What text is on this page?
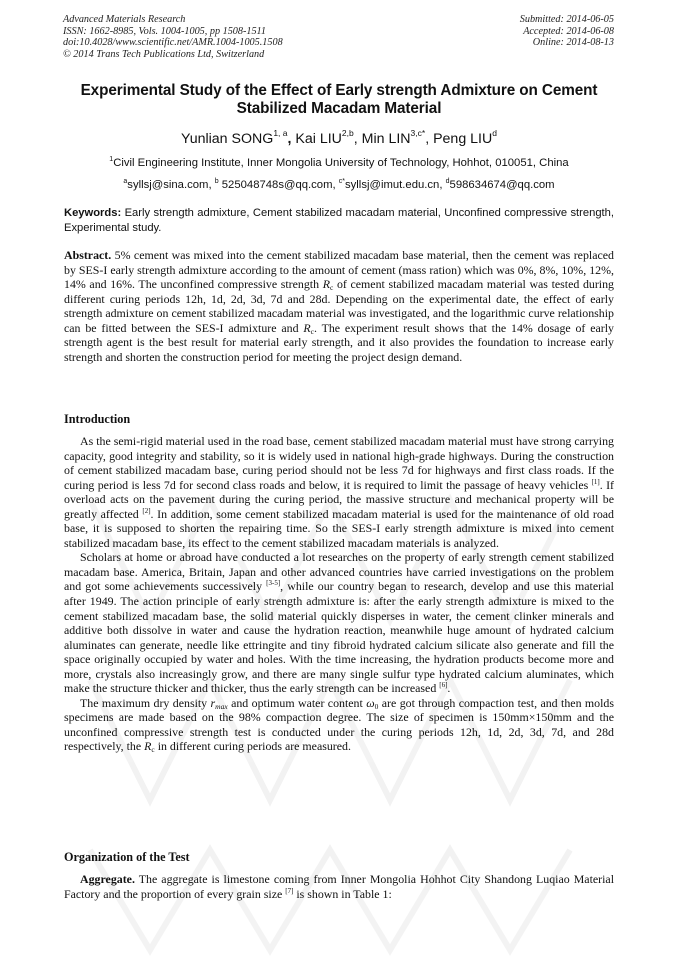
Advanced Materials Research
ISSN: 1662-8985, Vols. 1004-1005, pp 1508-1511
doi:10.4028/www.scientific.net/AMR.1004-1005.1508
© 2014 Trans Tech Publications Ltd, Switzerland
Submitted: 2014-06-05
Accepted: 2014-06-08
Online: 2014-08-13
Experimental Study of the Effect of Early strength Admixture on Cement
Stabilized Macadam Material
Yunlian SONG$^{1, a}$, Kai LIU$^{2,b}$, Min $LIN^{3,c*}$, Peng LIU$^d$
$^1$Civil Engineering Institute, Inner Mongolia University of Technology, Hohhot, 010051, China
$^a$syllsj@sina.com, $^b$ 525048748s@qq.com, $^{c*}$syllsj@imut.edu.cn, $^d$598634674@qq.com
Keywords: Early strength admixture, Cement stabilized macadam material, Unconfined compressive strength, Experimental study.

Abstract. 5% cement was mixed into the cement stabilized macadam base material, then the cement was replaced by SES-I early strength admixture according to the amount of cement (mass ration) which was 0%, 8%, 10%, 12%, 14% and 16%. The unconfined compressive strength $R_c$ of cement stabilized macadam material was tested during different curing periods 12h, 1d, 2d, 3d, 7d and 28d. Depending on the experimental date, the effect of early strength admixture on cement stabilized macadam material was investigated, and the logarithmic curve relationship can be fitted between the SES-I admixture and $R_c$. The experiment result shows that the 14% dosage of early strength agent is the best result for material early strength, and it also provides the foundation to increase early strength and shorten the construction period for meeting the project design demand.

Introduction

As the semi-rigid material used in the road base, cement stabilized macadam material must have strong carrying capacity, good integrity and stability, so it is widely used in national high-grade highways. During the construction of cement stabilized macadam base, curing period should not be less 7d for highways and first class roads. If the curing period is less 7d for second class roads and below, it is required to limit the passage of heavy vehicles [1]. If overload acts on the pavement during the curing period, the massive structure and mechanical property will be greatly affected [2]. In addition, some cement stabilized macadam material is used for the maintenance of old road base, it is supposed to shorten the repairing time. So the SES-I early strength admixture is mixed into cement stabilized macadam base, its effect to the cement stabilized macadam materials is analyzed.

Scholars at home or abroad have conducted a lot researches on the property of early strength cement stabilized macadam base. America, Britain, Japan and other advanced countries have carried investigations on the problem and got some achievements successively [3-5], while our country began to research, develop and use this material after 1949. The action principle of early strength admixture is: after the early strength admixture is mixed to the cement stabilized macadam base, the solid material quickly disperses in water, the cement clinker minerals and additive both dissolve in water and cause the hydration reaction, meanwhile huge amount of hydrated calcium aluminates can generate, needle like ettringite and tiny fibroid hydrated calcium silicate also generate and fill the space originally occupied by water and holes. With the time increasing, the hydration products become more and more, crystals also increasingly grow, and there are many single sulfur type hydrated calcium aluminates, which make the structure thicker and thicker, thus the early strength can be increased [6].

The maximum dry density $r_{max}$ and optimum water content $\omega_0$ are got through compaction test, and then molds specimens are made based on the 98% compaction degree. The size of specimen is 150mm×150mm and the unconfined compressive strength test is conducted under the curing periods 12h, 1d, 2d, 3d, 7d, and 28d respectively, the $R_c$ in different curing periods are measured.

Organization of the Test

Aggregate. The aggregate is limestone coming from Inner Mongolia Hohhot City Shandong Luqiao Material Factory and the proportion of every grain size [7] is shown in Table 1:
